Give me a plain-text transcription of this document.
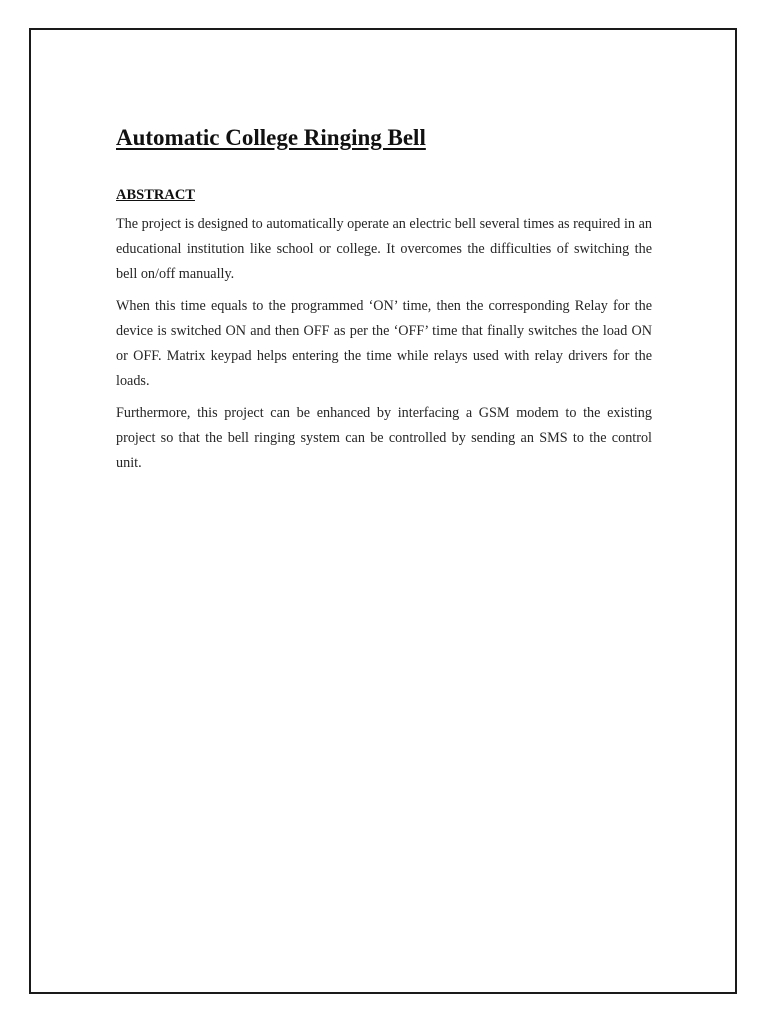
Automatic College Ringing Bell
ABSTRACT

The project is designed to automatically operate an electric bell several times as required in an educational institution like school or college. It overcomes the difficulties of switching the bell on/off manually.

When this time equals to the programmed ‘ON’ time, then the corresponding Relay for the device is switched ON and then OFF as per the ‘OFF’ time that finally switches the load ON or OFF. Matrix keypad helps entering the time while relays used with relay drivers for the loads.

Furthermore, this project can be enhanced by interfacing a GSM modem to the existing project so that the bell ringing system can be controlled by sending an SMS to the control unit.
